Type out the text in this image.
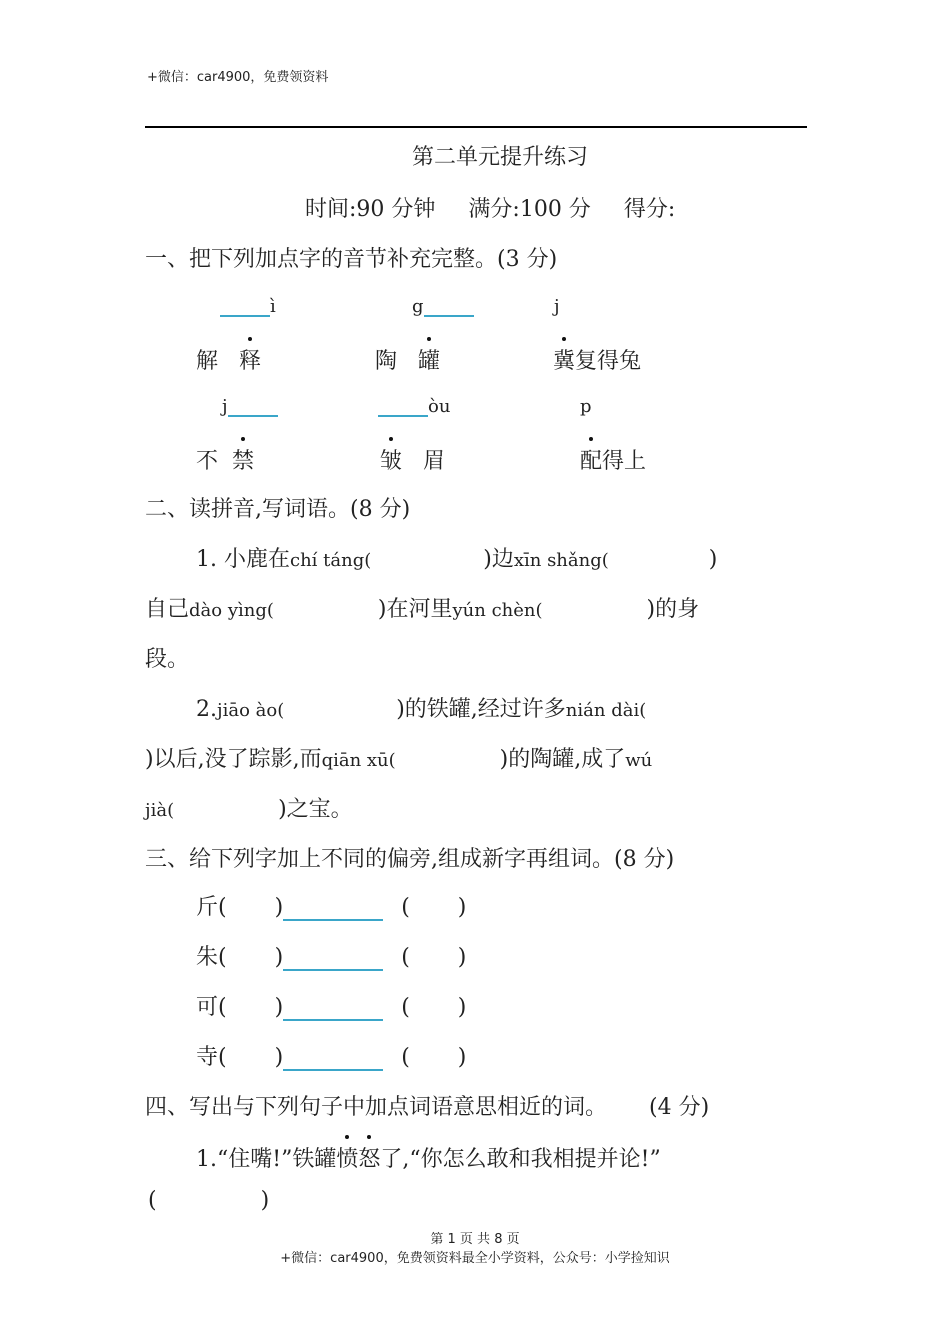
+微信：car4900，免费领资料
第二单元提升练习
时间:90 分钟 满分:100 分 得分:
一、把下列加点字的音节补充完整。(3 分)
ì	g	j
解 释	陶 罐	冀复得兔
j	òu	p
不 禁	皱 眉	配得上
二、读拼音,写词语。(8 分)
1. 小鹿在chí táng(	)边xīn shǎng(	)
自己dào yìng(	)在河里yún chèn(	)的身
段。
2.jiāo ào(	)的铁罐,经过许多nián dài(
)以后,没了踪影,而qiān xū(	)的陶罐,成了wú
jià(	)之宝。
三、给下列字加上不同的偏旁,组成新字再组词。(8 分)
斤( )	( )
朱( )	( )
可( )	( )
寺( )	( )
四、写出与下列句子中加点词语意思相近的词。 (4 分)
1.“住嘴!”铁罐愤怒了,“你怎么敢和我相提并论!”
(	)
第 1 页 共 8 页
+微信：car4900，免费领资料最全小学资料，公众号：小学捡知识
